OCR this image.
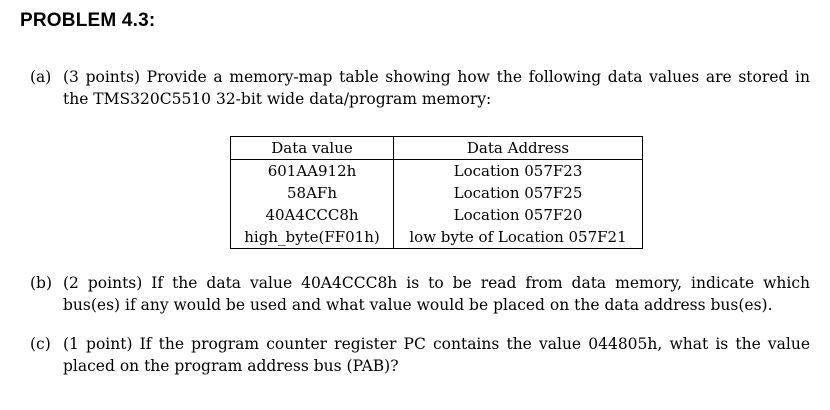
PROBLEM 4.3:
(a) (3 points) Provide a memory-map table showing how the following data values are stored in the TMS320C5510 32-bit wide data/program memory:
Data value	Data Address
601AA912h	Location 057F23
58AFh	Location 057F25
40A4CCC8h	Location 057F20
high_byte(FF01h)	low byte of Location 057F21
(b) (2 points) If the data value 40A4CCC8h is to be read from data memory, indicate which bus(es) if any would be used and what value would be placed on the data address bus(es).
(c) (1 point) If the program counter register PC contains the value 044805h, what is the value placed on the program address bus (PAB)?
